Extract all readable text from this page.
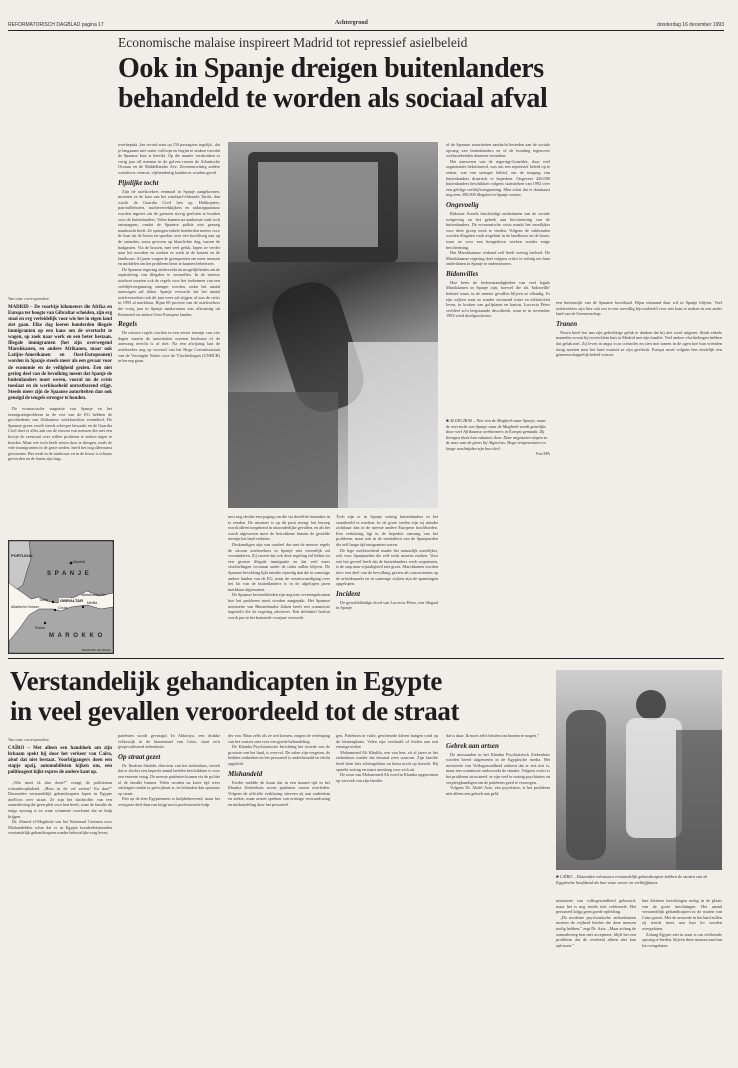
REFORMATORISCH DAGBLAD pagina 17	Achtergrond	donderdag 16 december 1993
Economische malaise inspireert Madrid tot repressief asielbeleid
Ook in Spanje dreigen buitenlanders
behandeld te worden als sociaal afval
Van onze correspondent
MADRID – De voorbije kilometers die Afrika en Europa ter hoogte van Gibraltar scheiden, zijn erg smal en erg verleidelijk voor wie het in eigen land ziet gaan. Elke dag loeren honderden illegale immigranten op een kans om de overtocht te wagen, op zoek naar werk en een beter bestaan. Illegale immigranten (het zijn overwegend Marokkanen, en andere Afrikanen, maar ook Latijns-Amerikanen en Oost-Europeanen) worden in Spanje steeds meer als een gevaar voor de economie en de veiligheid gezien. Een niet gering deel van de bevolking meent dat Spanje de buitenlanders moet weren, vooral nu de crisis toeslaat en de werkloosheid onrustbarend stijgt. Steeds meer zijn de Spaanse autoriteiten dan ook geneigd de teugels strenger te houden.

De economische stagnatie van Spanje en het immigratieprobleem in de rest van de EG hebben de geschiedenis van Afrikaanse werkkrachten veranderd. De Spaanse grens wordt steeds scherper bewaakt en de Guardia Civil doet er alles aan om de stroom van mensen die met een bootje de zeestraat over willen proberen te steken tegen te houden. Maar wie toch heeft weten door te dringen, zoals de vele immigranten in de grote steden, heeft het nog allerminst gewonnen. Het werk in de tuinbouw en in de bouw is schaars geworden en de lonen zijn laag.

PORTUGAL
S P A N J E
Madrid
GIBRALTAR
Tarifa
Ceuta
Melilla
Rabat
Middellandse Zee
Atlantische Oceaan
M A R O K K O
RD/PETER DE GRAAF

overbepakt –het record staat op 150 passagiers tegelijk– dat je langzaam met water volloopt en begint te zinken voordat de Spaanse kust is bereikt. Op die manier verdronken er vorig jaar elf mensen in de golven tussen de Atlantische Oceaan en de Middellandse Zee. Zevenentwintig andere wonden er vermist, vijftiendertig konden er worden gered.

Pijnlijke tocht

Zijn de asielzoekers eenmaal in Spanje aangekomen, moesten ze de kust van het windsurf-eldorado Tarifa, dan wacht de Guardia Civil hen op. Helikopters, patrouilleboten, nachtvertrekkijkers en radarapparatuur worden ingezet om de grenzen stevig gesloten te houden voor de buitenlanders. Velen kunnen na aankomst vaak toch ontsnappen, omdat de Spaanse politie niet genoeg mankracht heeft. Ze springen enkele honderden meters voor de kust uit de boten en spoelen over een hoofdweg aan op de stranden, soms gewoon op klaarlichte dag, tussen de badgasten. Via de bossen, met veel geluk, lopen ze verder naar het noorden en zoeken ze werk in de kassen en de landbouw. Al jaren vragen de grensposten om meer mensen en middelen om het probleem beter te kunnen beheersen.

De Spaanse regering onderzoekt nu mogelijkheden om de repatriëring van illegalen te versnellen. In de nieuwe asielwet moeten ook de regels voor het toekennen van een verblijfsvergunning strenger worden, zodat het aantal aanvragen zal dalen. Spanje verwacht dat het aantal asielverzoeken ook dit jaar weer zal stijgen, al was de crisis in 1993 al merkbaar. Bijna 60 procent van de asielzoekers die vorig jaar in Spanje aankwamen was afkomstig uit Roemenië en andere Oost-Europese landen.

Regels

De nieuwe regels worden in een eerste termijn van vier dagen waarin de autoriteiten moeten beslissen of de aanvraag terecht is of niet. Na een afwijzing kan de asielzoeker nog op voorstel van het Hoge Commissariaat van de Verenigde Naties voor de Vluchtelingen (UNHCR) in beroep gaan.

nest nog slechts een poging om die via dezelfde instanties in te zenden. De minister is op dit punt streng: het beroep wordt alleen toegekend in uitzonderlijke gevallen, en als het wordt afgewezen moet de betrokkene binnen de gestelde termijn het land verlaten.

Deskundigen zijn van oordeel dat met de nieuwe regels de stroom asielzoekers in Spanje niet wezenlijk zal verminderen. Zij vrezen dat ook deze regeling zal leiden tot een grotere illegale immigratie en dat veel meer vluchtelingen voortaan onder de radar zullen blijven. De Spaanse bevolking lijkt minder vijandig dan die in sommige andere landen van de EG, maar de verontwaardiging over het lot van de buitenlanders is in de afgelopen jaren merkbaar afgenomen.

De Spaanse bewindslieden zijn nog niet overeengekomen hoe het probleem moet worden aangepakt. Het Spaanse ministerie van Binnenlandse Zaken heeft een commissie ingesteld die de regering adviseert. Een definitief besluit wordt pas in het komende voorjaar verwacht.

Toch zijn er in Spanje weinig buitenlanders in het straatbeeld te merken. In de grote steden zijn zij minder zichtbaar dan in de meeste andere Europese hoofdsteden. Een verklaring ligt in de beperkte omvang van het probleem, maar ook in de mentaliteit van de Spanjaarden die zelf lange tijd emigranten waren.

De lege werkloosheid maakt het natuurlijk moeilijker, ook voor Spanjaarden die zelf werk moeten zoeken. Voor wie het gevoel heeft dat de buitenlanders werk wegnemen, is de stap naar vijandigheid niet groot. Marokkanen worden door een deel van de bevolking gezien als concurrenten op de arbeidsmarkt en in sommige wijken zijn de spanningen opgelopen.

Incident

De geweldddadige dood van Lucrecia Pérez, een illegaal in Spanje

of de Spaanse autoriteiten aandacht besteden aan de sociale opvang van buitenlanders en of de houding tegenover werkzoekenden daarmee verandert.

Het aanwezen van de regering-González, door veel organisaties bekritiseerd, was om een repressief beleid op te zetten, wat een strenger beleid, om de toegang van buitenlanders drastisch te beperken. Ongeveer 420.000 buitenlanders beschikken volgens statistieken van 1992 over een geldige verblijfsvergunning. Men schat dat er daarnaast nog eens 300.000 illegalen in Spanje wonen.

Ongevoelig

Ridoune Asouik beschuldigt onderdanen van de sociale wetgeving en het gebrek aan bescherming van de buitenlanders. De economische crisis maakt het moeilijker voor deze groep werk te vinden. Volgens de vakbonden worden illegalen vaak uitgebuit in de landbouw en de bouw, waar ze voor een hongerloon werken zonder enige bescherming.

Het Marokkaanse verband zelf heeft weinig invloed. De Marokkaanse regering doet volgens critici te weinig om haar onderdanen in Spanje te ondersteunen.

Bidonvilles

Hoe beter de leefomstandigheden van veel legale Marokkanen in Spanje zijn, hoewel die als 'bidonville' bekend staan, in de meeste gevallen blijven ze ellendig. Er zijn wijken waar ze zonder stromend water en elektriciteit leven, in krotten van golfplaten en karton. Lucrecia Pérez verbleef zo'n leegstaande discotheek, waar ze in november 1992 werd doodgeschoten.

■ ALGECIRAS – Niet van de Maghreb naar Spanje, maar de overtocht van Spanje naar de Maghreb wordt gaarlijks door veel Afrikaanse werknemers in Europa gemaakt. Zij brengen thuis hun vakantie door. Deze migranten slapen in de auto aan de grens bij Algeciras. Hoge temperaturen en lange wachttijden zijn hun deel.
Foto EPA

een buitenwijk van de Spaanse hoofdstad. Bijna niemand daar wil in Spanje blijven. Veel asielzoekers zijn hier ook om er een toevallig bijvoorbeeld voor een kans te maken in een ander land van de Gemeenschap.

Tranen

Noora heeft het aan zijn gebrekkige geluk te danken dat hij niet werd uitgezet. Sinds enkele maanden woont hij in een klein huis in Madrid met zijn familie. Veel andere vluchtelingen hebben dat geluk niet. Zij leven in angst voor controles en zien met tranen in de ogen hoe hun vrienden terug moeten naar het land waaruit ze zijn gevlucht. Europa moet volgens hen eindelijk een gemeenschappelijk beleid voeren.

Verstandelijk gehandicapten in Egypte
in veel gevallen veroordeeld tot de straat
■ CAÏRO – Duizenden volwassen verstandelijk gehandicapten hebben de straten van de Egyptische hoofdstad als hun vaste woon- en verblijfplaats.
Van onze correspondent
CAÏRO – Met alleen een handdoek om zijn lichaam spekt hij door het verkeer van Caïro, alsof dat niet bestaat. Voorbijgangers doen een stapje opzij, automobilisten kijken om, een politieagent kijkt expres de andere kant op.

„Wat moet ik dan doen?” vraagt de politieman schouderophalend. „Hem in de cel zetten? En dan?” Duizenden verstandelijk gehandicapten lopen in Egypte doelloos over straat. Ze zijn het slachtoffer van een samenleving die geen plek voor hen heeft, waar de familie de enige opvang is en waar schaamte voorkomt dat ze hulp krijgen.

Dr. Ahmed el-Magdoub van het Nationaal Centrum voor Mishandelden schat dat er in Egypte honderdduizenden verstandelijk gehandicapten zonder behoorlijke zorg leven.

patiënten wordt gevraagd. In Abbasiya, een drukke volkswijk in de binnenstad van Caïro, staat zo'n gespecialiseerd ziekenhuis.

Op straat gezet

Dr. Ibrahim Shalabi, directeur van het ziekenhuis, vertelt dat er slechts een beperkt aantal bedden beschikbaar is voor een enorme vraag. De meeste patiënten komen via de politie of de familie binnen. Velen worden na korte tijd weer ontslagen omdat er geen plaats is, en belanden dan opnieuw op straat.

Eén op de tien Egyptenaren is hulpbehoevend, maar het overgrote deel daarvan krijgt nooit professionele hulp.

der van. Maar zelfs als ze wel komen, zorgen de verlenging van het contact niet voor een goede behandeling.

De Khanka Psychiatrische Inrichting het tweede van de grootste van het land, is overvol. De zalen zijn vergeten, de bedden ontbreken en het personeel is onderbetaald en slecht opgeleid.

Mishandeld

Eerder meldde de krant dat in een maand tijd in het Khanka Ziekenhuis zeven patiënten waren overleden. Volgens de officiële verklaring stierven zij aan ouderdom en ziekte, maar artsen spreken van ernstige verwaarlozing en mishandeling door het personeel.

gen. Patiënten in vuile, gescheurde kleren hangen rond op de binnenplaats. Velen zijn verslaafd of leiden aan een ernstige ziekte.

Mohammed Ali Khalifa, een van hen, zit al jaren in het ziekenhuis zonder dat iemand weet waarom. Zijn familie heeft hem hier achtergelaten en komt nooit op bezoek. Hij spreekt weinig en staart urenlang voor zich uit.

De zoon van Mohammed Ali werd in Khanka opgenomen op verzoek van zijn familie.

dat is duur. Ik moet zelfs betalen om binnen te mogen.”

Gebrek aan artsen

De misstanden in het Khanka Psychiatrisch Ziekenhuis worden breed uitgemeten in de Egyptische media. Het ministerie van Volksgezondheid ontkent dat er iets mis is, maar een commissie onderzoekt de situatie. Volgens critici is het probleem structureel: er zijn veel te weinig psychiaters en verpleegkundigen om de patiënten goed te verzorgen.

Volgens Dr. Abdel Aziz, een psychiater, is het probleem niet alleen een gebrek aan geld.

ministerie van volksgezondheid gebouwd, maar het is nog steeds niet voldoende. Het personeel krijgt geen goede opleiding.

„De moderne psychiatrische ziekenhuizen moeten de vrijheid bieden die deze mensen nodig hebben,” zegt Dr. Aziz. „Maar zolang de samenleving hen niet accepteert, blijft het een probleem dat de overheid alleen niet kan oplossen.”

hun kleinere inrichtingen nodig in de plaats van de grote inrichtingen. Het aantal verstandelijk gehandicapten in de straten van Caïro groeit. Met de armoede in het land zullen zij steeds meer aan hun lot worden overgelaten.

Zolang Egypte niet in staat is om voldoende opvang te bieden, blijven deze mensen aan hun lot overgelaten.
